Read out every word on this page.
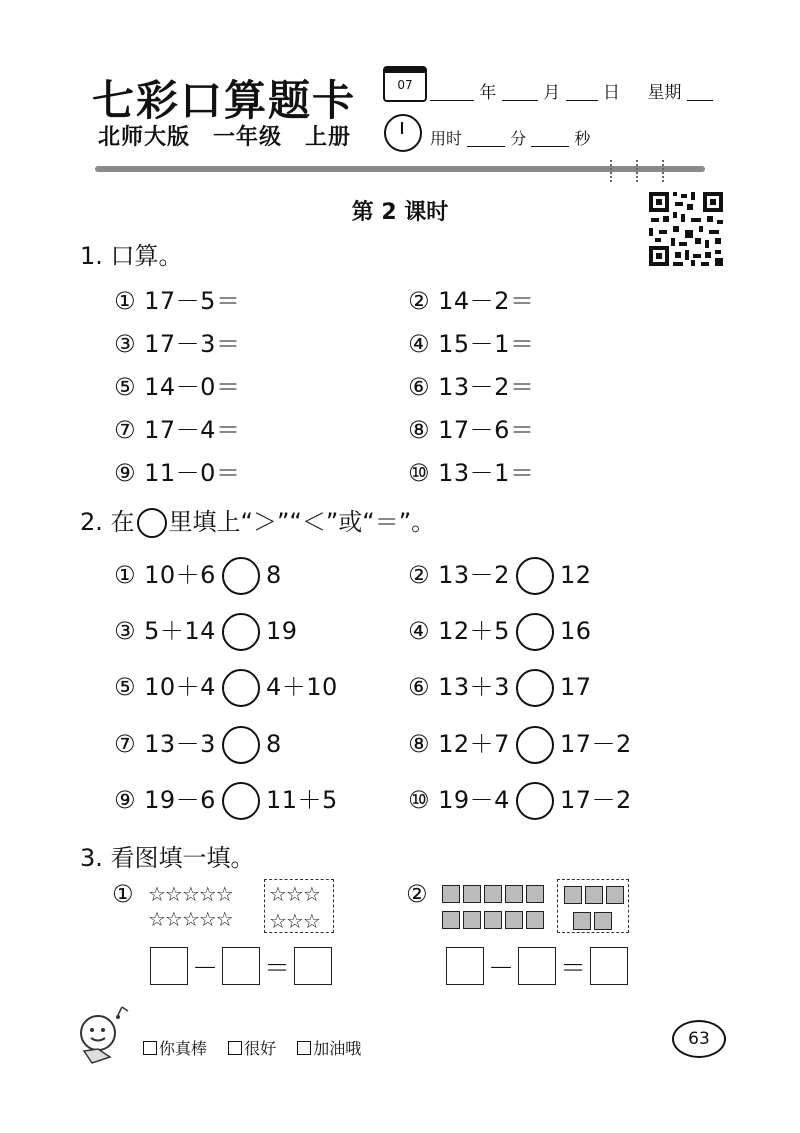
七彩口算题卡	07	年	月	日 星期
北师大版　一年级　上册	用时	分	秒
第 2 课时
1. 口算。
① 17－5＝	② 14－2＝
③ 17－3＝	④ 15－1＝
⑤ 14－0＝	⑥ 13－2＝
⑦ 17－4＝	⑧ 17－6＝
⑨ 11－0＝	⑩ 13－1＝
2. 在 里填上“＞”“＜”或“＝”。
① 10＋6 8	② 13－2 12
③ 5＋14 19	④ 12＋5 16
⑤ 10＋4 4＋10	⑥ 13＋3 17
⑦ 13－3 8	⑧ 12＋7 17－2
⑨ 19－6 11＋5	⑩ 19－4 17－2
3. 看图填一填。
① ☆☆☆☆☆
☆☆☆☆☆
☆☆☆
☆☆☆
②
－ ＝	－ ＝
你真棒 很好 加油哦	63
